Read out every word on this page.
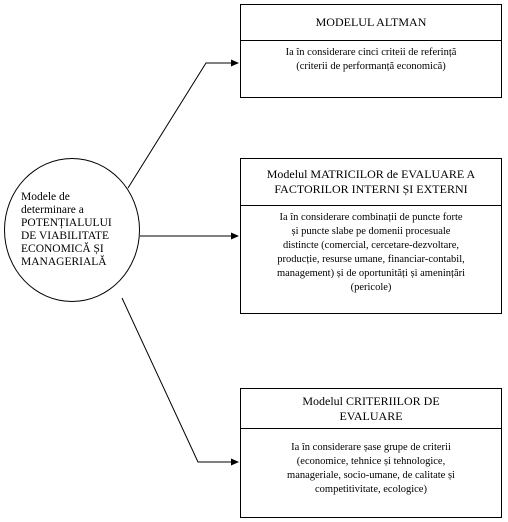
Modele de
determinare a
POTENȚIALULUI
DE VIABILITATE
ECONOMICĂ ȘI
MANAGERIALĂ
MODELUL ALTMAN
Ia în considerare cinci criteii de referință
(criterii de performanță economică)
Modelul MATRICILOR de EVALUARE A
FACTORILOR INTERNI ȘI EXTERNI
Ia în considerare combinații de puncte forte
și puncte slabe pe domenii procesuale
distincte (comercial, cercetare-dezvoltare,
producție, resurse umane, financiar-contabil,
management) și de oportunități și amenințări
(pericole)
Modelul CRITERIILOR DE
EVALUARE
Ia în considerare șase grupe de criterii
(economice, tehnice și tehnologice,
manageriale, socio-umane, de calitate și
competitivitate, ecologice)
